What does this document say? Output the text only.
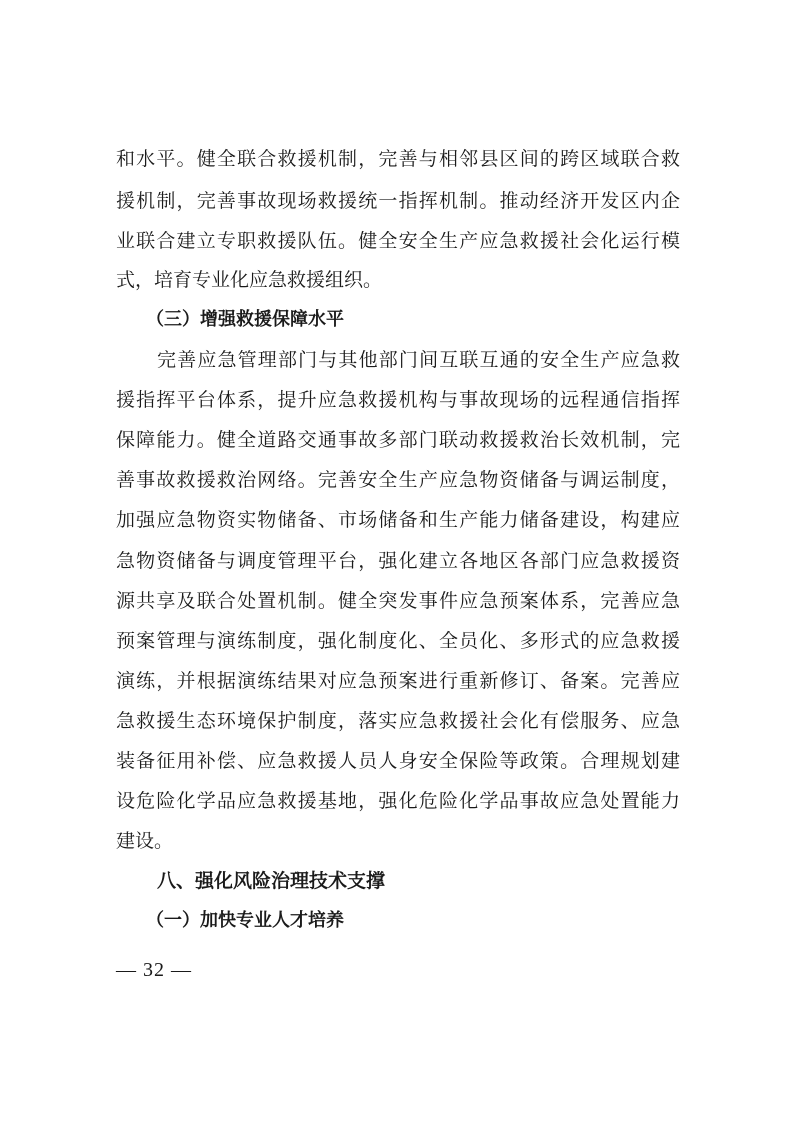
和水平。健全联合救援机制，完善与相邻县区间的跨区域联合救
援机制，完善事故现场救援统一指挥机制。推动经济开发区内企
业联合建立专职救援队伍。健全安全生产应急救援社会化运行模
式，培育专业化应急救援组织。
（三）增强救援保障水平
完善应急管理部门与其他部门间互联互通的安全生产应急救
援指挥平台体系，提升应急救援机构与事故现场的远程通信指挥
保障能力。健全道路交通事故多部门联动救援救治长效机制，完
善事故救援救治网络。完善安全生产应急物资储备与调运制度，
加强应急物资实物储备、市场储备和生产能力储备建设，构建应
急物资储备与调度管理平台，强化建立各地区各部门应急救援资
源共享及联合处置机制。健全突发事件应急预案体系，完善应急
预案管理与演练制度，强化制度化、全员化、多形式的应急救援
演练，并根据演练结果对应急预案进行重新修订、备案。完善应
急救援生态环境保护制度，落实应急救援社会化有偿服务、应急
装备征用补偿、应急救援人员人身安全保险等政策。合理规划建
设危险化学品应急救援基地，强化危险化学品事故应急处置能力
建设。
八、强化风险治理技术支撑
（一）加快专业人才培养
— 32 —
